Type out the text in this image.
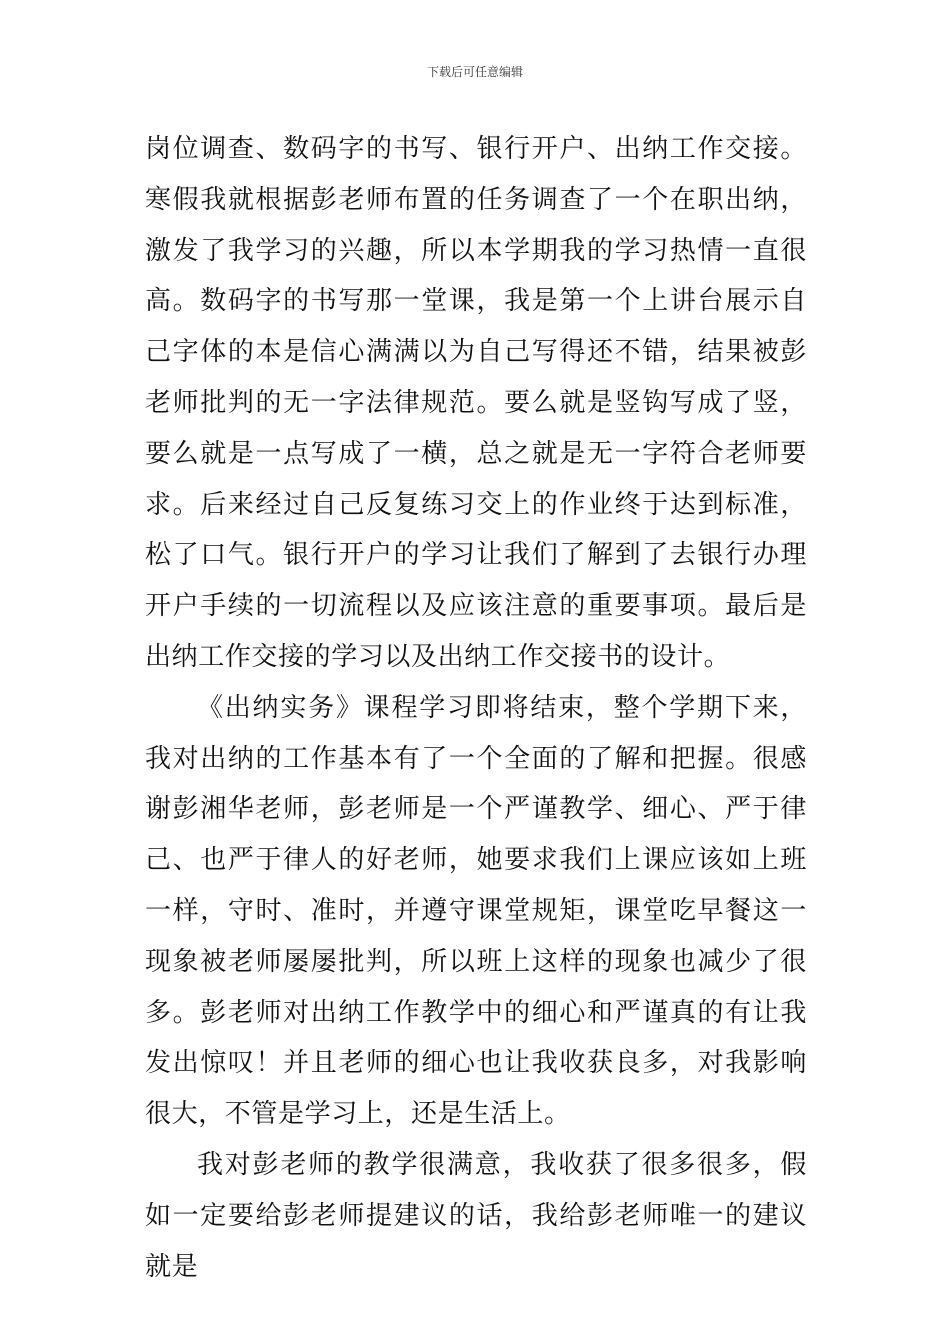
下载后可任意编辑

岗位调查、数码字的书写、银行开户、出纳工作交接。寒假我就根据彭老师布置的任务调查了一个在职出纳，激发了我学习的兴趣，所以本学期我的学习热情一直很高。数码字的书写那一堂课，我是第一个上讲台展示自己字体的本是信心满满以为自己写得还不错，结果被彭老师批判的无一字法律规范。要么就是竖钩写成了竖，要么就是一点写成了一横，总之就是无一字符合老师要求。后来经过自己反复练习交上的作业终于达到标准，松了口气。银行开户的学习让我们了解到了去银行办理开户手续的一切流程以及应该注意的重要事项。最后是出纳工作交接的学习以及出纳工作交接书的设计。

《出纳实务》课程学习即将结束，整个学期下来，我对出纳的工作基本有了一个全面的了解和把握。很感谢彭湘华老师，彭老师是一个严谨教学、细心、严于律己、也严于律人的好老师，她要求我们上课应该如上班一样，守时、准时，并遵守课堂规矩，课堂吃早餐这一现象被老师屡屡批判，所以班上这样的现象也减少了很多。彭老师对出纳工作教学中的细心和严谨真的有让我发出惊叹！并且老师的细心也让我收获良多，对我影响很大，不管是学习上，还是生活上。

我对彭老师的教学很满意，我收获了很多很多，假如一定要给彭老师提建议的话，我给彭老师唯一的建议就是
